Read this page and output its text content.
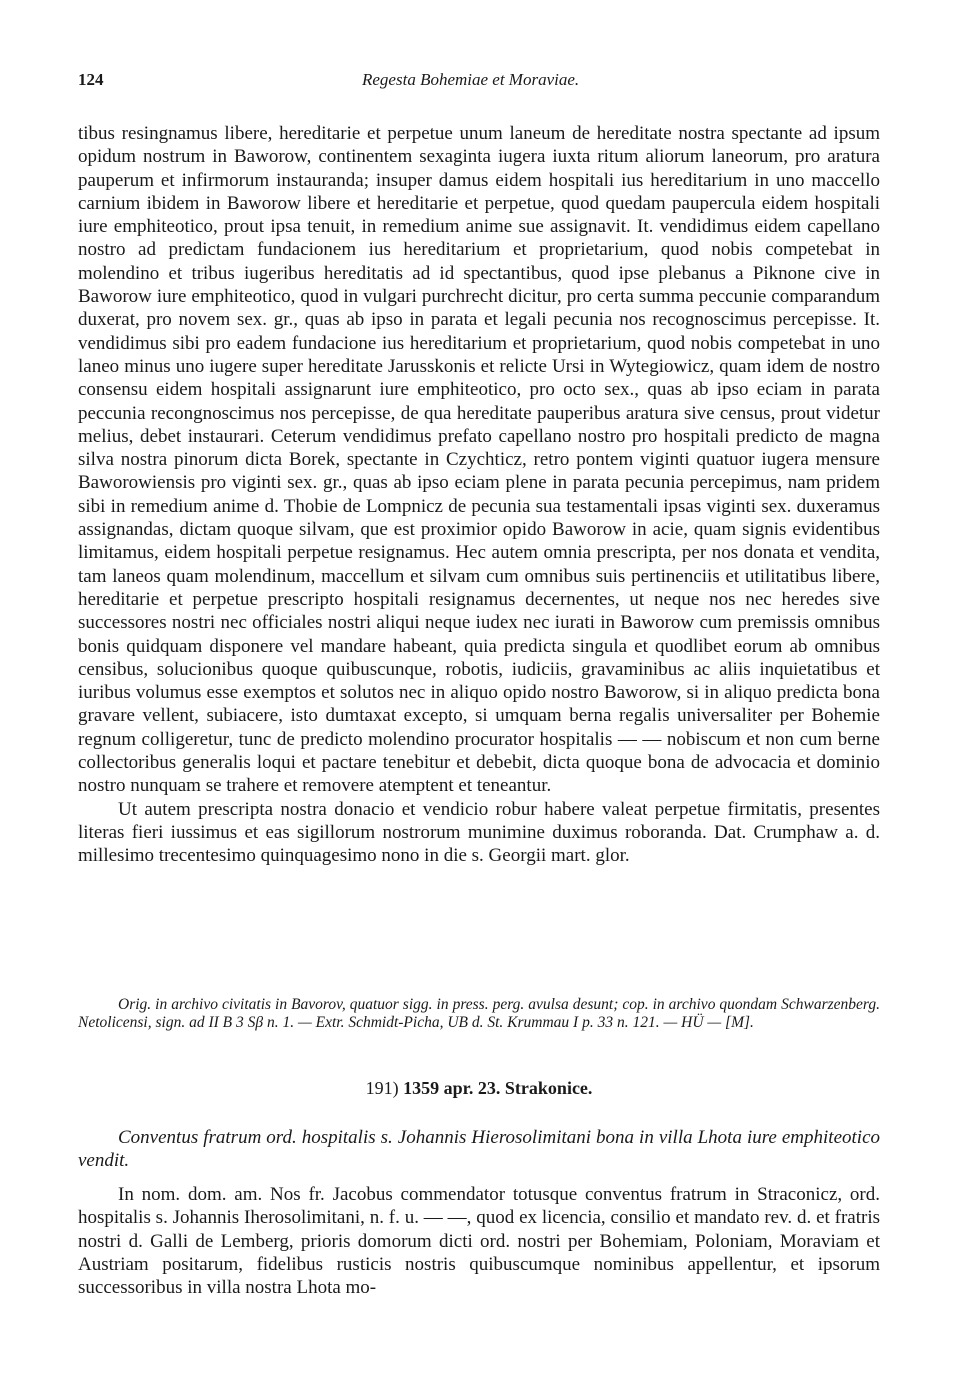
124	Regesta Bohemiae et Moraviae.

tibus resingnamus libere, hereditarie et perpetue unum laneum de hereditate nostra spectante ad ipsum opidum nostrum in Baworow, continentem sexaginta iugera iuxta ritum aliorum laneorum, pro aratura pauperum et infirmorum instauranda; insuper damus eidem hospitali ius hereditarium in uno maccello carnium ibidem in Baworow libere et hereditarie et perpetue, quod quedam paupercula eidem hospitali iure emphiteotico, prout ipsa tenuit, in remedium anime sue assignavit. It. vendidimus eidem capellano nostro ad predictam fundacionem ius hereditarium et proprietarium, quod nobis competebat in molendino et tribus iugeribus hereditatis ad id spectantibus, quod ipse plebanus a Piknone cive in Baworow iure emphiteotico, quod in vulgari purchrecht dicitur, pro certa summa peccunie comparandum duxerat, pro novem sex. gr., quas ab ipso in parata et legali pecunia nos recognoscimus percepisse. It. vendidimus sibi pro eadem fundacione ius hereditarium et proprietarium, quod nobis competebat in uno laneo minus uno iugere super hereditate Jarusskonis et relicte Ursi in Wytegiowicz, quam idem de nostro consensu eidem hospitali assignarunt iure emphiteotico, pro octo sex., quas ab ipso eciam in parata peccunia recongnoscimus nos percepisse, de qua hereditate pauperibus aratura sive census, prout videtur melius, debet instaurari. Ceterum vendidimus prefato capellano nostro pro hospitali predicto de magna silva nostra pinorum dicta Borek, spectante in Czychticz, retro pontem viginti quatuor iugera mensure Baworowiensis pro viginti sex. gr., quas ab ipso eciam plene in parata pecunia percepimus, nam pridem sibi in remedium anime d. Thobie de Lompnicz de pecunia sua testamentali ipsas viginti sex. duxeramus assignandas, dictam quoque silvam, que est proximior opido Baworow in acie, quam signis evidentibus limitamus, eidem hospitali perpetue resignamus. Hec autem omnia prescripta, per nos donata et vendita, tam laneos quam molendinum, maccellum et silvam cum omnibus suis pertinenciis et utilitatibus libere, hereditarie et perpetue prescripto hospitali resignamus decernentes, ut neque nos nec heredes sive successores nostri nec officiales nostri aliqui neque iudex nec iurati in Baworow cum premissis omnibus bonis quidquam disponere vel mandare habeant, quia predicta singula et quodlibet eorum ab omnibus censibus, solucionibus quoque quibuscunque, robotis, iudiciis, gravaminibus ac aliis inquietatibus et iuribus volumus esse exemptos et solutos nec in aliquo opido nostro Baworow, si in aliquo predicta bona gravare vellent, subiacere, isto dumtaxat excepto, si umquam berna regalis universaliter per Bohemie regnum colligeretur, tunc de predicto molendino procurator hospitalis — — nobiscum et non cum berne collectoribus generalis loqui et pactare tenebitur et debebit, dicta quoque bona de advocacia et dominio nostro nunquam se trahere et removere atemptent et teneantur.

Ut autem prescripta nostra donacio et vendicio robur habere valeat perpetue firmitatis, presentes literas fieri iussimus et eas sigillorum nostrorum munimine duximus roboranda. Dat. Crumphaw a. d. millesimo trecentesimo quinquagesimo nono in die s. Georgii mart. glor.

Orig. in archivo civitatis in Bavorov, quatuor sigg. in press. perg. avulsa desunt; cop. in archivo quondam Schwarzenberg. Netolicensi, sign. ad II B 3 Sβ n. 1. — Extr. Schmidt-Picha, UB d. St. Krummau I p. 33 n. 121. — HÜ — [M].
191) 1359 apr. 23. Strakonice.
Conventus fratrum ord. hospitalis s. Johannis Hierosolimitani bona in villa Lhota iure emphiteotico vendit.
In nom. dom. am. Nos fr. Jacobus commendator totusque conventus fratrum in Straconicz, ord. hospitalis s. Johannis Iherosolimitani, n. f. u. — —, quod ex licencia, consilio et mandato rev. d. et fratris nostri d. Galli de Lemberg, prioris domorum dicti ord. nostri per Bohemiam, Poloniam, Moraviam et Austriam positarum, fidelibus rusticis nostris quibuscumque nominibus appellentur, et ipsorum successoribus in villa nostra Lhota mo-
